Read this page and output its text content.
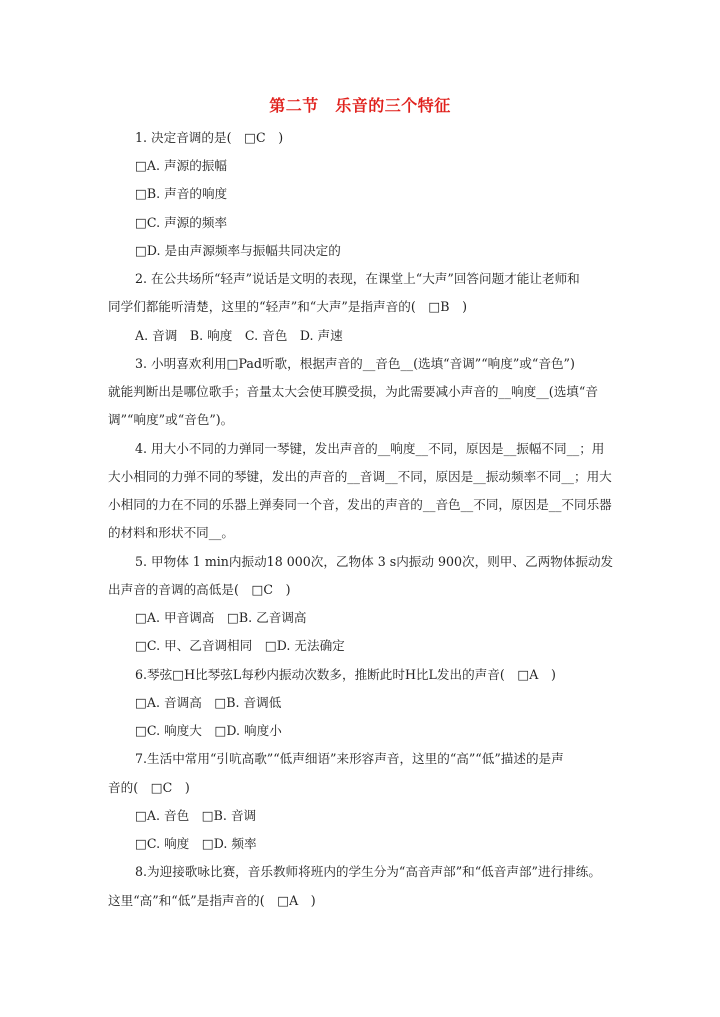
第二节　乐音的三个特征
1. 决定音调的是(　□C　)
□A. 声源的振幅
□B. 声音的响度
□C. 声源的频率
□D. 是由声源频率与振幅共同决定的
2. 在公共场所“轻声”说话是文明的表现，在课堂上“大声”回答问题才能让老师和
同学们都能听清楚，这里的“轻声”和“大声”是指声音的(　□B　)
A. 音调　B. 响度　C. 音色　D. 声速
3. 小明喜欢利用□Pad听歌，根据声音的__音色__(选填“音调”“响度”或“音色”)
就能判断出是哪位歌手；音量太大会使耳膜受损，为此需要减小声音的__响度__(选填“音
调”“响度”或“音色”)。
4. 用大小不同的力弹同一琴键，发出声音的__响度__不同，原因是__振幅不同__；用
大小相同的力弹不同的琴键，发出的声音的__音调__不同，原因是__振动频率不同__；用大
小相同的力在不同的乐器上弹奏同一个音，发出的声音的__音色__不同，原因是__不同乐器
的材料和形状不同__。
5. 甲物体 1 min内振动18 000次，乙物体 3 s内振动 900次，则甲、乙两物体振动发
出声音的音调的高低是(　□C　)
□A. 甲音调高　□B. 乙音调高
□C. 甲、乙音调相同　□D. 无法确定
6.琴弦□H比琴弦L每秒内振动次数多，推断此时H比L发出的声音(　□A　)
□A. 音调高　□B. 音调低
□C. 响度大　□D. 响度小
7.生活中常用“引吭高歌”“低声细语”来形容声音，这里的“高”“低”描述的是声
音的(　□C　)
□A. 音色　□B. 音调
□C. 响度　□D. 频率
8.为迎接歌咏比赛，音乐教师将班内的学生分为“高音声部”和“低音声部”进行排练。
这里“高”和“低”是指声音的(　□A　)
